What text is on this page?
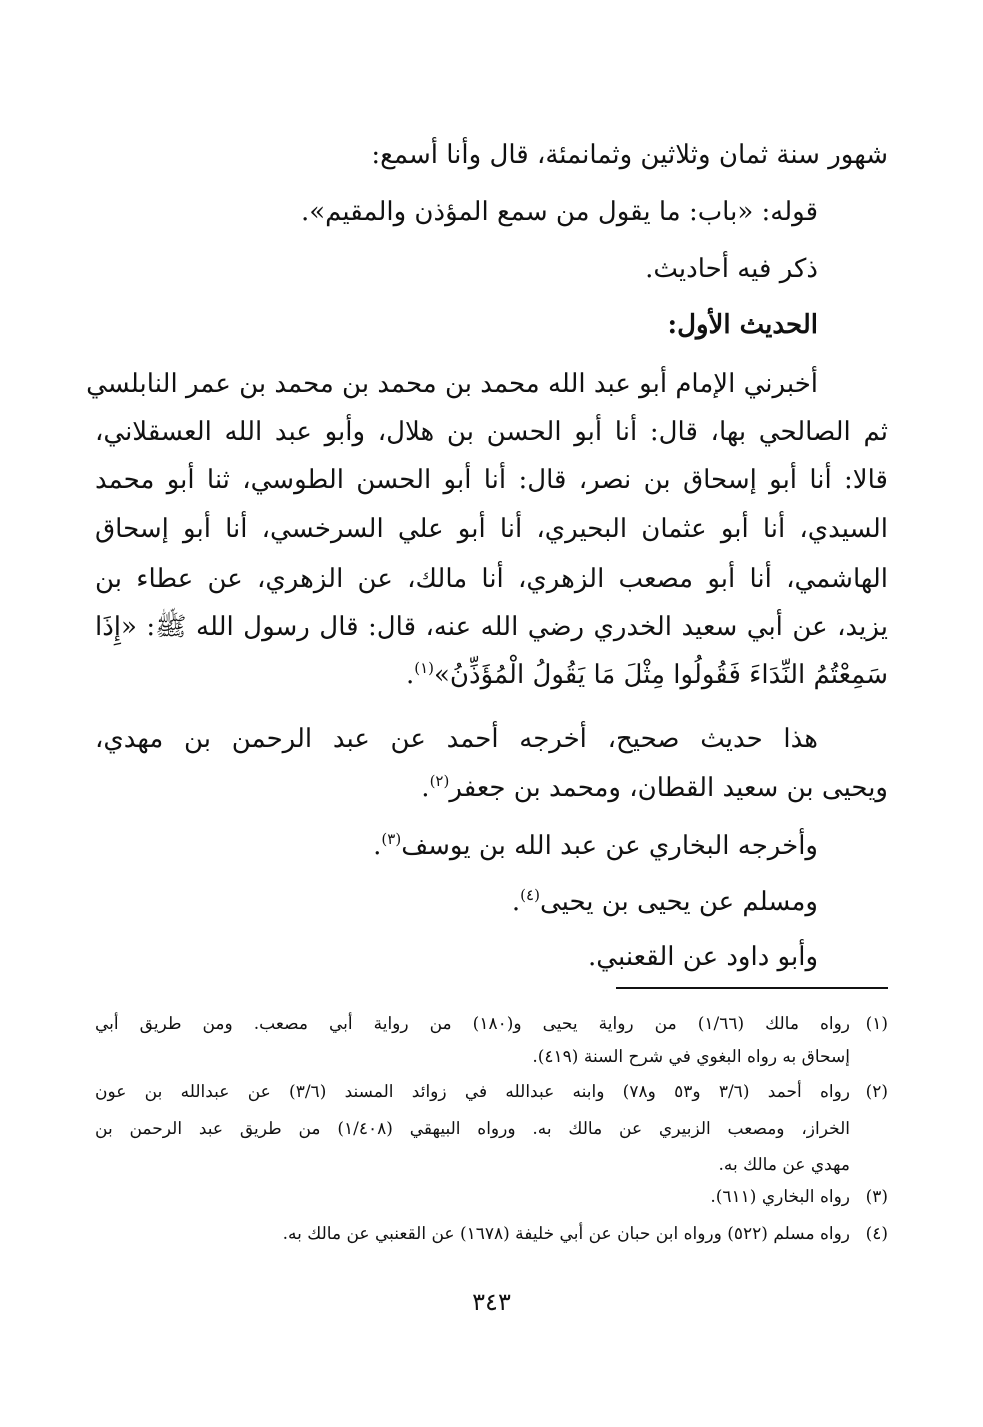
شهور سنة ثمان وثلاثين وثمانمئة، قال وأنا أسمع:
قوله: «باب: ما يقول من سمع المؤذن والمقيم».
ذكر فيه أحاديث.
الحديث الأول:
أخبرني الإمام أبو عبد الله محمد بن محمد بن محمد بن عمر النابلسي
ثم الصالحي بها، قال: أنا أبو الحسن بن هلال، وأبو عبد الله العسقلاني،
قالا: أنا أبو إسحاق بن نصر، قال: أنا أبو الحسن الطوسي، ثنا أبو محمد
السيدي، أنا أبو عثمان البحيري، أنا أبو علي السرخسي، أنا أبو إسحاق
الهاشمي، أنا أبو مصعب الزهري، أنا مالك، عن الزهري، عن عطاء بن
يزيد، عن أبي سعيد الخدري رضي الله عنه، قال: قال رسول الله ﷺ: «إِذَا
سَمِعْتُمُ النِّدَاءَ فَقُولُوا مِثْلَ مَا يَقُولُ الْمُؤَذِّنُ»$^{(١)}$.
هذا حديث صحيح، أخرجه أحمد عن عبد الرحمن بن مهدي،
ويحيى بن سعيد القطان، ومحمد بن جعفر$^{(٢)}$.
وأخرجه البخاري عن عبد الله بن يوسف$^{(٣)}$.
ومسلم عن يحيى بن يحيى$^{(٤)}$.
وأبو داود عن القعنبي.
(١)
رواه مالك (١/٦٦) من رواية يحيى و(١٨٠) من رواية أبي مصعب. ومن طريق أبي
إسحاق به رواه البغوي في شرح السنة (٤١٩).
(٢)
رواه أحمد (٣/٦ و٥٣ و٧٨) وابنه عبدالله في زوائد المسند (٣/٦) عن عبدالله بن عون
الخراز، ومصعب الزبيري عن مالك به. ورواه البيهقي (١/٤٠٨) من طريق عبد الرحمن بن
مهدي عن مالك به.
(٣)
رواه البخاري (٦١١).
(٤)
رواه مسلم (٥٢٢) ورواه ابن حبان عن أبي خليفة (١٦٧٨) عن القعنبي عن مالك به.
٣٤٣
